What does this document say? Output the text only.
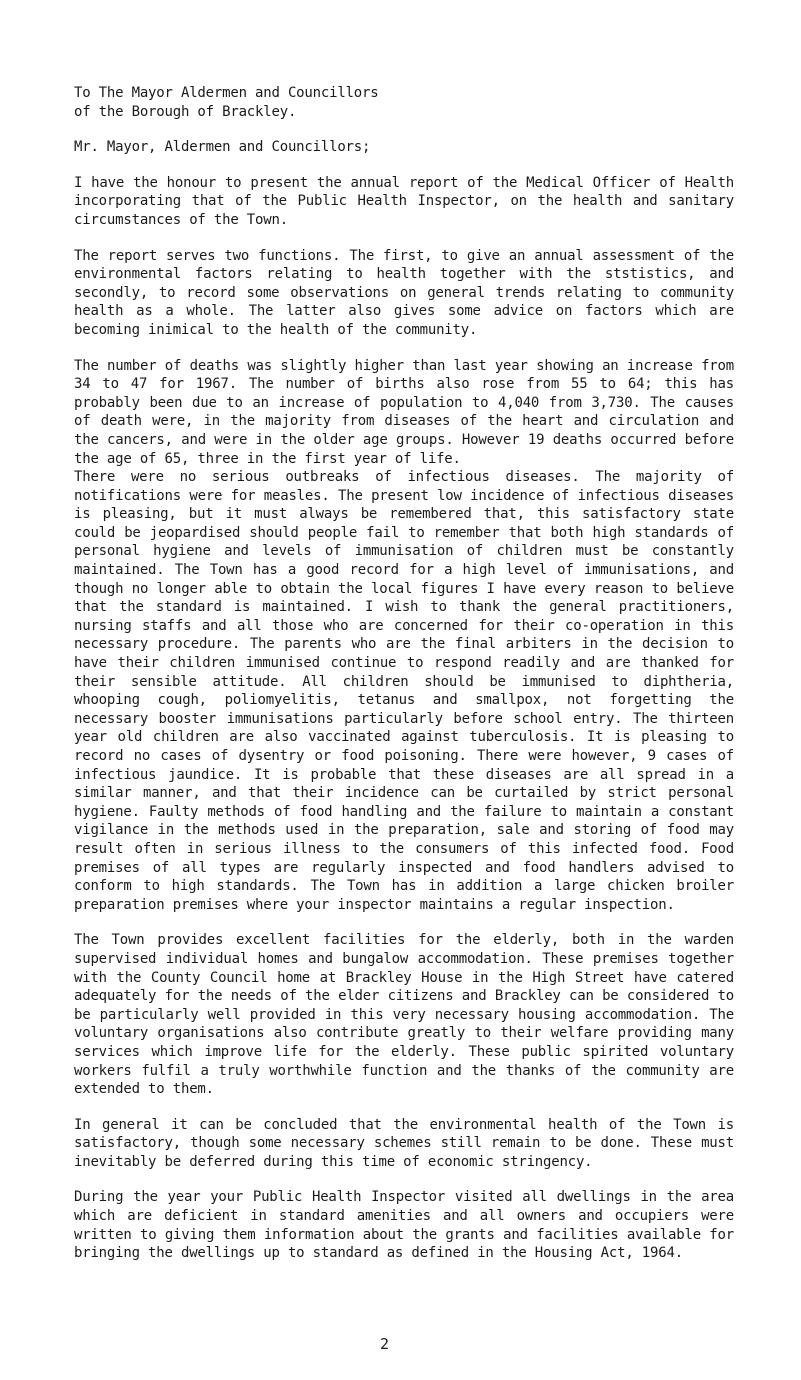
To The Mayor Aldermen and Councillors
of the Borough of Brackley.
Mr. Mayor, Aldermen and Councillors;

I have the honour to present the annual report of the Medical Officer of Health incorporating that of the Public Health Inspector, on the health and sanitary circumstances of the Town.

The report serves two functions. The first, to give an annual assessment of the environmental factors relating to health together with the ststistics, and secondly, to record some observations on general trends relating to community health as a whole. The latter also gives some advice on factors which are becoming inimical to the health of the community.

The number of deaths was slightly higher than last year showing an increase from 34 to 47 for 1967. The number of births also rose from 55 to 64; this has probably been due to an increase of population to 4,040 from 3,730. The causes of death were, in the majority from diseases of the heart and circulation and the cancers, and were in the older age groups. However 19 deaths occurred before the age of 65, three in the first year of life.

There were no serious outbreaks of infectious diseases. The majority of notifications were for measles. The present low incidence of infectious diseases is pleasing, but it must always be remembered that, this satisfactory state could be jeopardised should people fail to remember that both high standards of personal hygiene and levels of immunisation of children must be constantly maintained. The Town has a good record for a high level of immunisations, and though no longer able to obtain the local figures I have every reason to believe that the standard is maintained. I wish to thank the general practitioners, nursing staffs and all those who are concerned for their co-operation in this necessary procedure. The parents who are the final arbiters in the decision to have their children immunised continue to respond readily and are thanked for their sensible attitude. All children should be immunised to diphtheria, whooping cough, poliomyelitis, tetanus and smallpox, not forgetting the necessary booster immunisations particularly before school entry. The thirteen year old children are also vaccinated against tuberculosis. It is pleasing to record no cases of dysentry or food poisoning. There were however, 9 cases of infectious jaundice. It is probable that these diseases are all spread in a similar manner, and that their incidence can be curtailed by strict personal hygiene. Faulty methods of food handling and the failure to maintain a constant vigilance in the methods used in the preparation, sale and storing of food may result often in serious illness to the consumers of this infected food. Food premises of all types are regularly inspected and food handlers advised to conform to high standards. The Town has in addition a large chicken broiler preparation premises where your inspector maintains a regular inspection.

The Town provides excellent facilities for the elderly, both in the warden supervised individual homes and bungalow accommodation. These premises together with the County Council home at Brackley House in the High Street have catered adequately for the needs of the elder citizens and Brackley can be considered to be particularly well provided in this very necessary housing accommodation. The voluntary organisations also contribute greatly to their welfare providing many services which improve life for the elderly. These public spirited voluntary workers fulfil a truly worthwhile function and the thanks of the community are extended to them.

In general it can be concluded that the environmental health of the Town is satisfactory, though some necessary schemes still remain to be done. These must inevitably be deferred during this time of economic stringency.

During the year your Public Health Inspector visited all dwellings in the area which are deficient in standard amenities and all owners and occupiers were written to giving them information about the grants and facilities available for bringing the dwellings up to standard as defined in the Housing Act, 1964.

2
